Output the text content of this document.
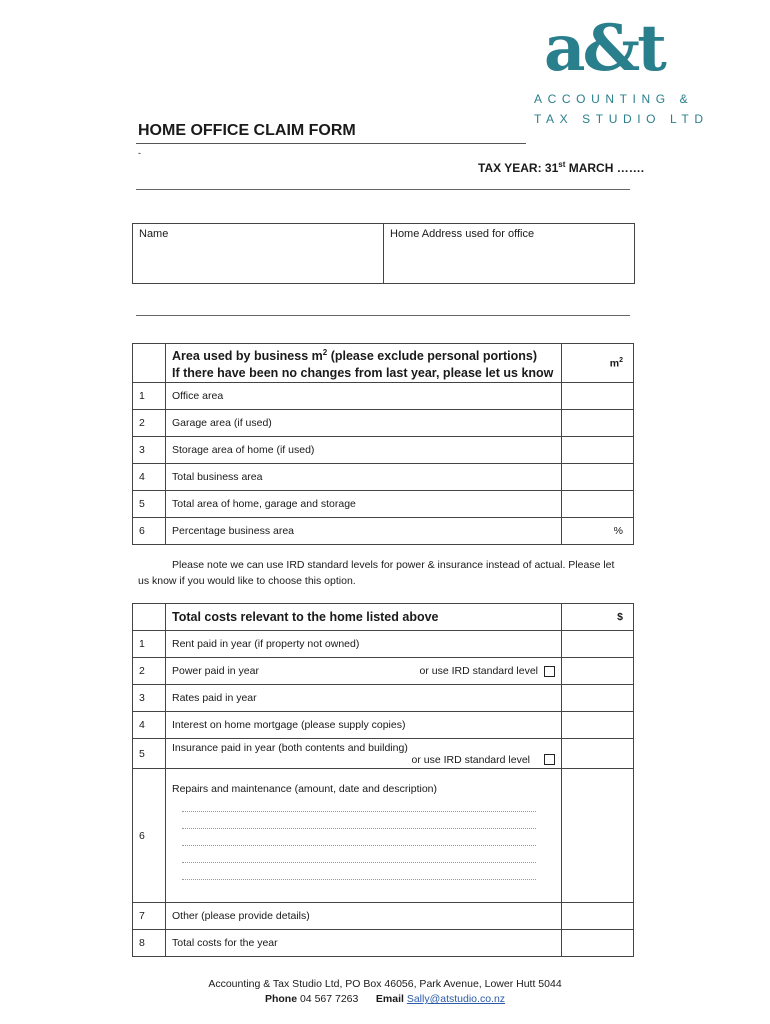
a&t
ACCOUNTING &
TAX STUDIO LTD
HOME OFFICE CLAIM FORM
-
TAX YEAR: 31st MARCH …….
Name	Home Address used for office

	Area used by business $m^2$ (please exclude personal portions)
If there have been no changes from last year, please let us know	$m^2$
1	Office area	
2	Garage area (if used)	
3	Storage area of home (if used)	
4	Total business area	
5	Total area of home, garage and storage	
6	Percentage business area	%
Please note we can use IRD standard levels for power & insurance instead of actual. Please let
us know if you would like to choose this option.
	Total costs relevant to the home listed above	$
1	Rent paid in year (if property not owned)	
2	Power paid in year or use IRD standard level	

3	Rates paid in year	
4	Interest on home mortgage (please supply copies)	
5	Insurance paid in year (both contents and building)
or use IRD standard level	

6	Repairs and maintenance (amount, date and description)	

7	Other (please provide details)	
8	Total costs for the year	
Accounting & Tax Studio Ltd, PO Box 46056, Park Avenue, Lower Hutt 5044
Phone 04 567 7263 Email Sally@atstudio.co.nz
